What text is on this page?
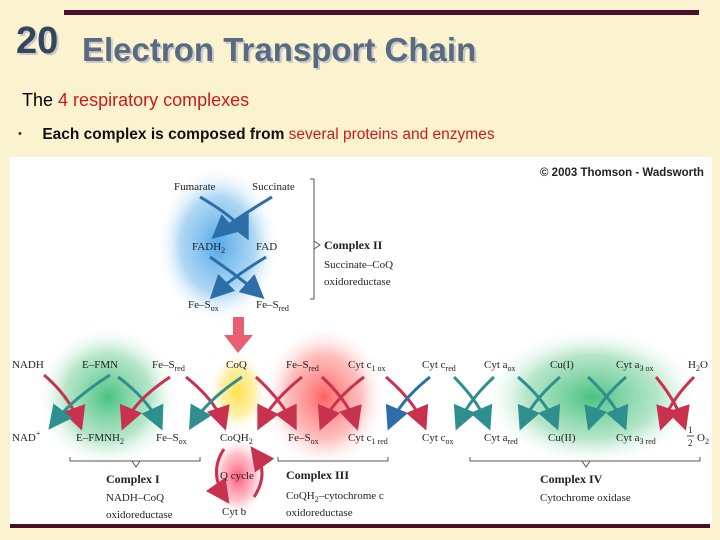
20 Electron Transport Chain
The 4 respiratory complexes
• Each complex is composed from several proteins and enzymes
© 2003 Thomson - Wadsworth
Fumarate	Succinate
$FADH_2$	FAD
$Fe-S_{ox}$	$Fe-S_{red}$
Complex II
Succinate–CoQ
oxidoreductase
NADH	E–FMN	$Fe-S_{red}$	CoQ	$Fe-S_{red}$	Cyt $c_{1 ox}$	Cyt $c_{red}$	Cyt $a_{ox}$	Cu(I)	Cyt $a_{3 ox}$	$H_2O$
NAD+	$E-FMNH_2$	$Fe-S_{ox}$	CoQH$_2$	$Fe-S_{ox}$	Cyt $c_{1 red}$	Cyt $c_{ox}$	Cyt $a_{red}$	Cu(II)	Cyt $a_{3 red}$
1
2 $O_2$
Q cycle
Cyt b
Complex I
NADH–CoQ
oxidoreductase
Complex III
CoQH$_2$–cytochrome c
oxidoreductase
Complex IV
Cytochrome oxidase
